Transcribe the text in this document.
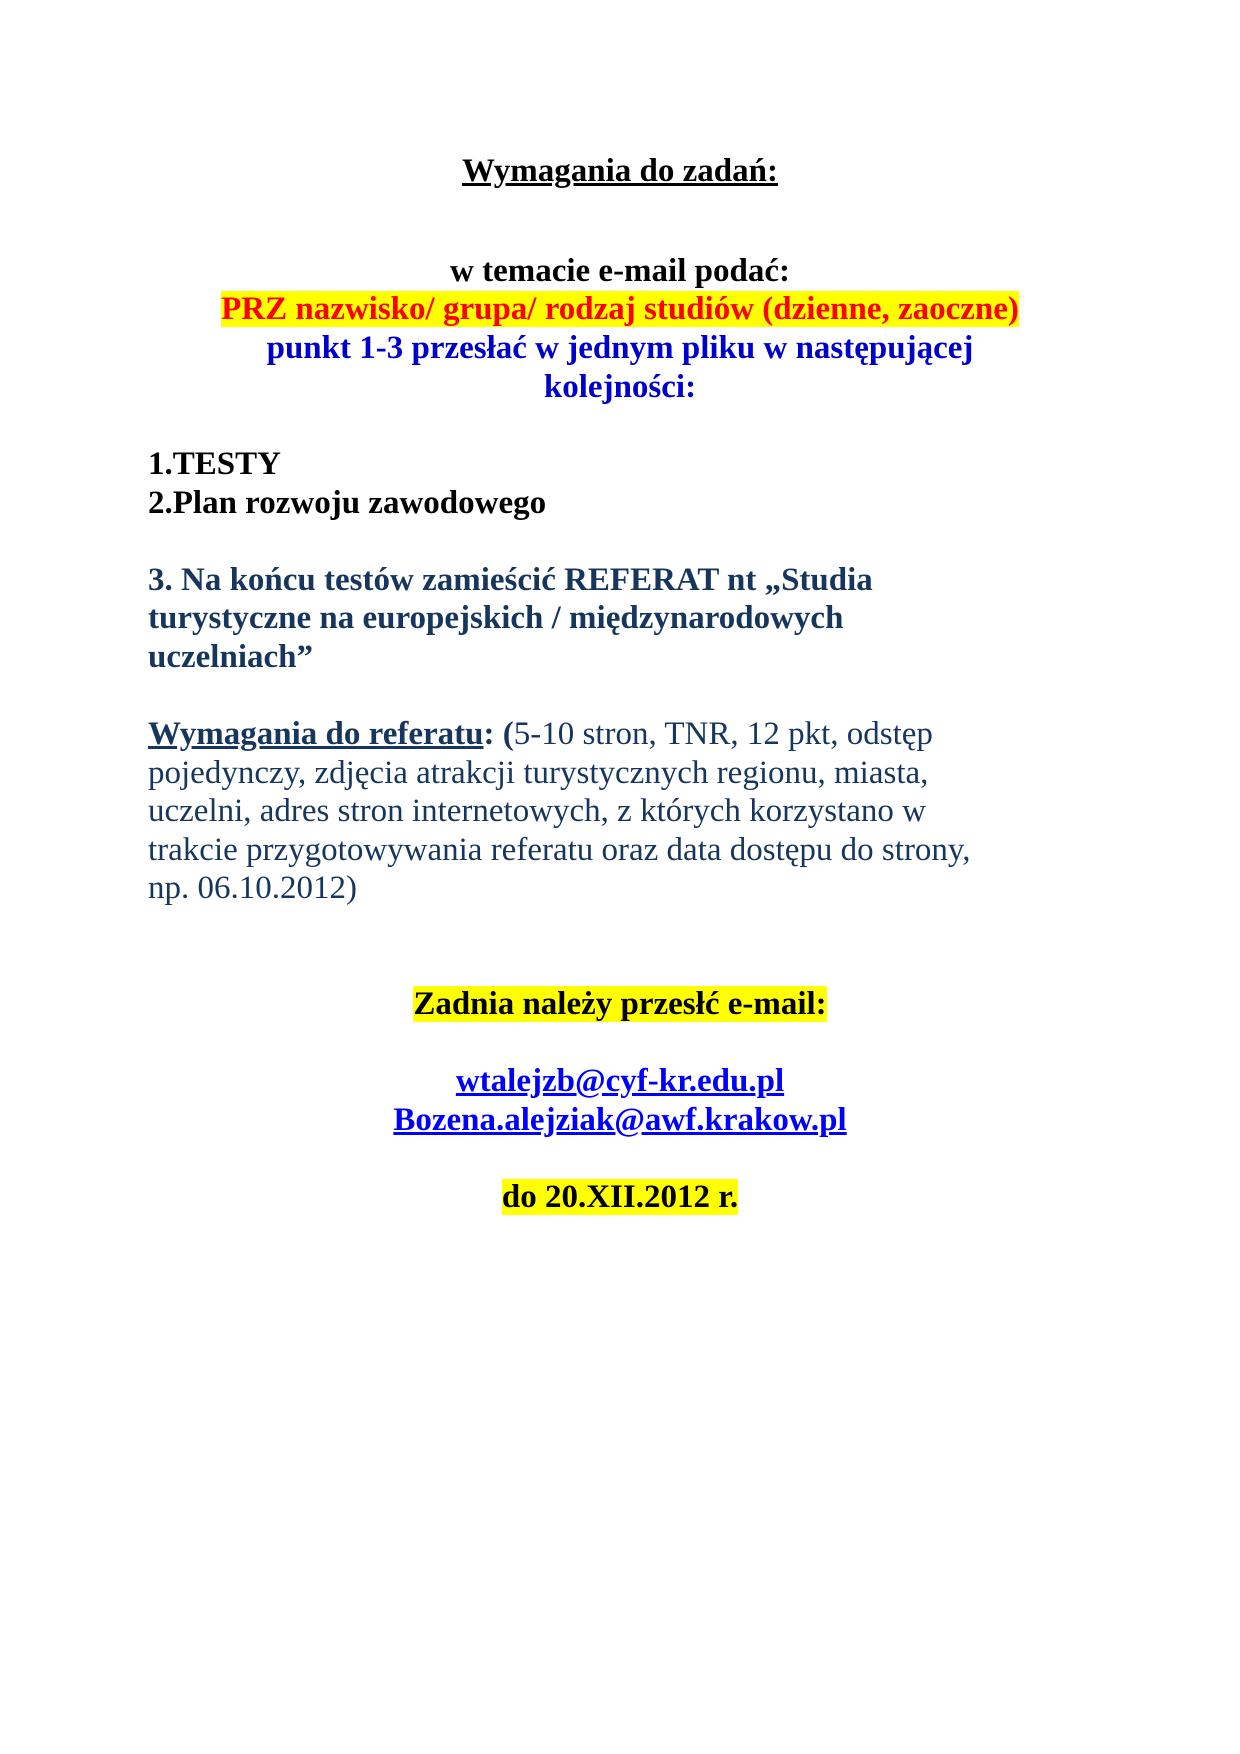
Wymagania do zadań:
w temacie e-mail podać:
PRZ nazwisko/ grupa/ rodzaj studiów (dzienne, zaoczne)
punkt 1-3 przesłać w jednym pliku w następującej
kolejności:
1.TESTY
2.Plan rozwoju zawodowego
3. Na końcu testów zamieścić REFERAT nt „Studia
turystyczne na europejskich / międzynarodowych
uczelniach”
Wymagania do referatu: (5-10 stron, TNR, 12 pkt, odstęp
pojedynczy, zdjęcia atrakcji turystycznych regionu, miasta,
uczelni, adres stron internetowych, z których korzystano w
trakcie przygotowywania referatu oraz data dostępu do strony,
np. 06.10.2012)
Zadnia należy przesłć e-mail:
wtalejzb@cyf-kr.edu.pl
Bozena.alejziak@awf.krakow.pl
do 20.XII.2012 r.
